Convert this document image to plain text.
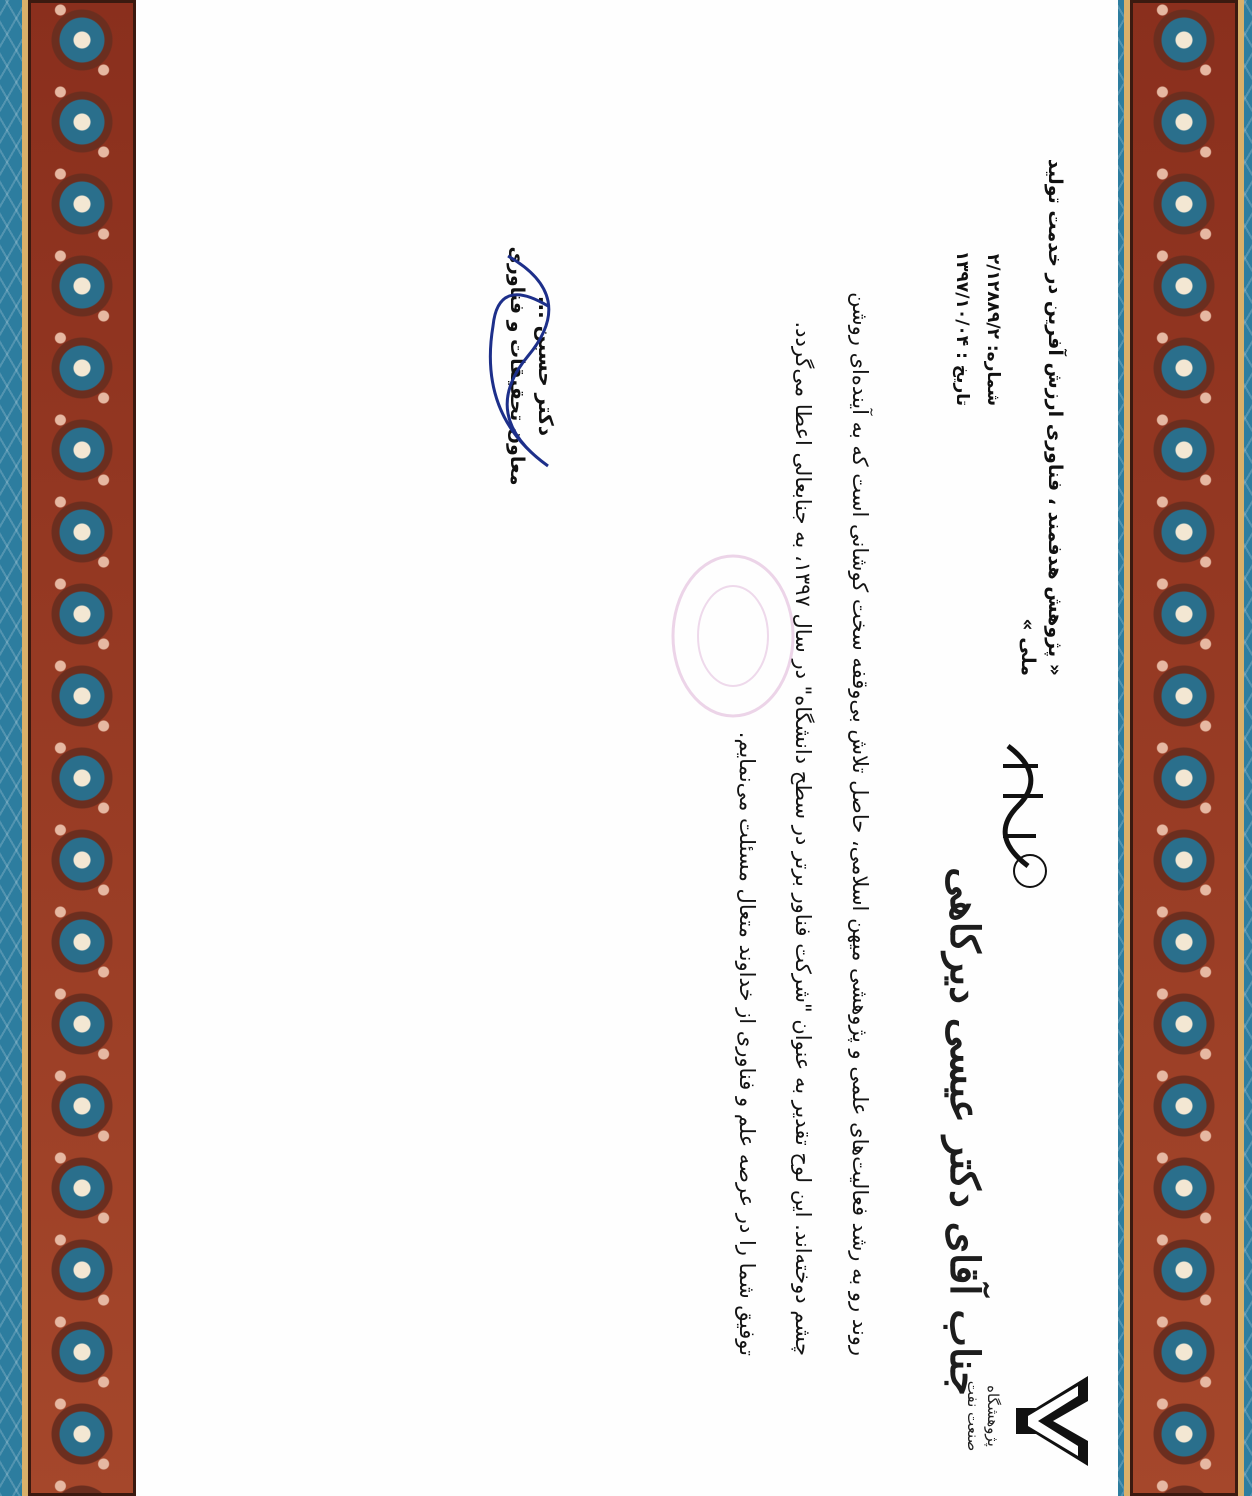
پژوهشگاه
صنعت نفت
جناب آقای دکتر عیسی دیرکاهی
« پژوهش هدفمند ، فناوری ارزش آفرین در خدمت تولید ملی »
شماره: ۲/۱۲۸۸۹/۲
تاریخ : ۱۳۹۷/۱۰/۰۴

روند رو به رشد فعالیت‌های علمی و پژوهشی میهن اسلامی، حاصل تلاش بی‌وقفه سخت کوشانی است که به آینده‌ای روشن

چشم دوخته‌اند. این لوح تقدیر به عنوان "شرکت فناور برتر در سطح دانشگاه" در سال ۱۳۹۷، به جنابعالی اعطا می‌گردد.

توفیق شما را در عرصه علم و فناوری از خداوند متعال مسئلت می‌نمایم.

دکتر حسین ...
معاون تحقیقات و فناوری
